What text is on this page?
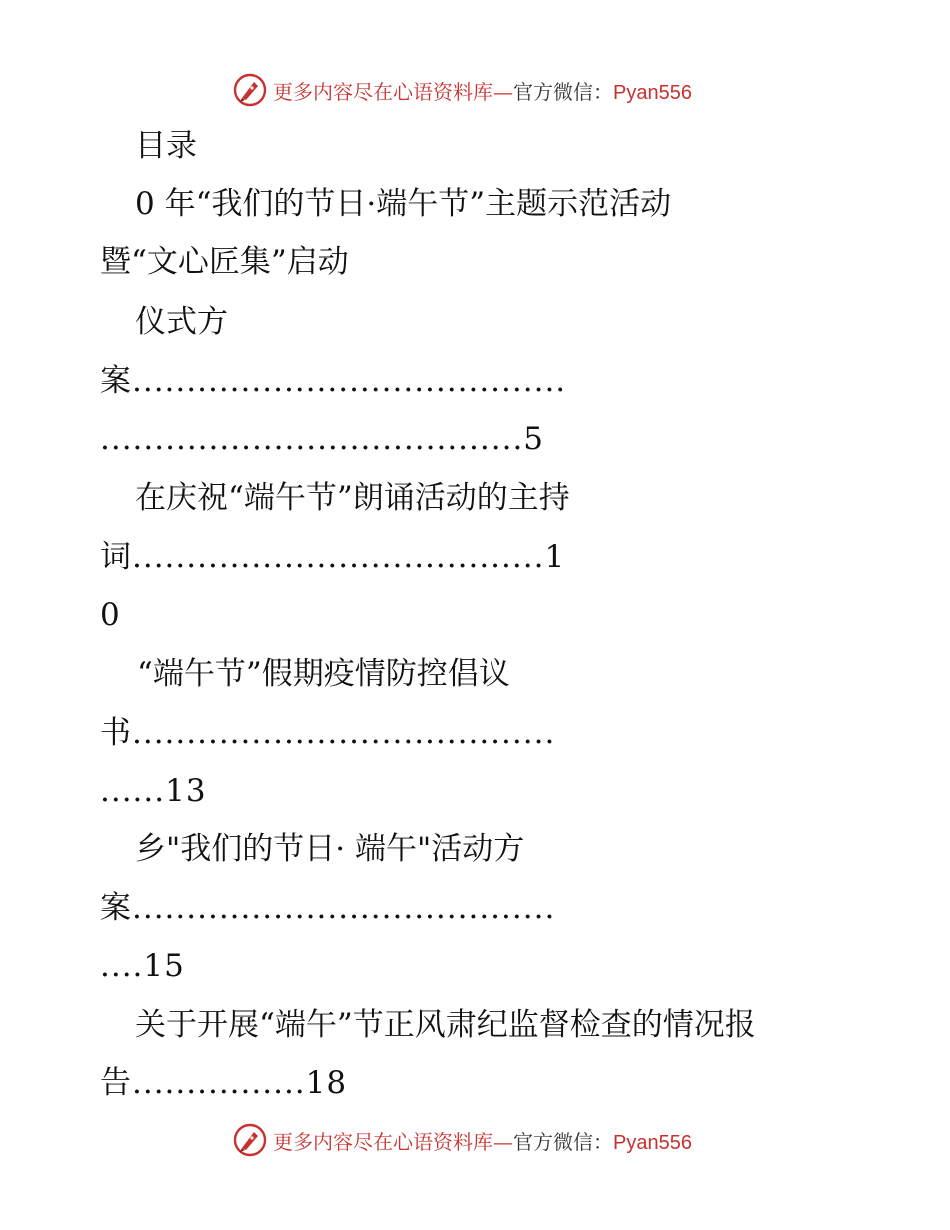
更多内容尽在心语资料库—官方微信：Pyan556
目录
0 年“我们的节日·端午节”主题示范活动
暨“文心匠集”启动
仪式方
案........................................
.......................................5
在庆祝“端午节”朗诵活动的主持
词......................................1
0
“端午节”假期疫情防控倡议
书.......................................
......13
乡"我们的节日· 端午"活动方
案.......................................
....15
关于开展“端午”节正风肃纪监督检查的情况报
告................18
更多内容尽在心语资料库—官方微信：Pyan556
